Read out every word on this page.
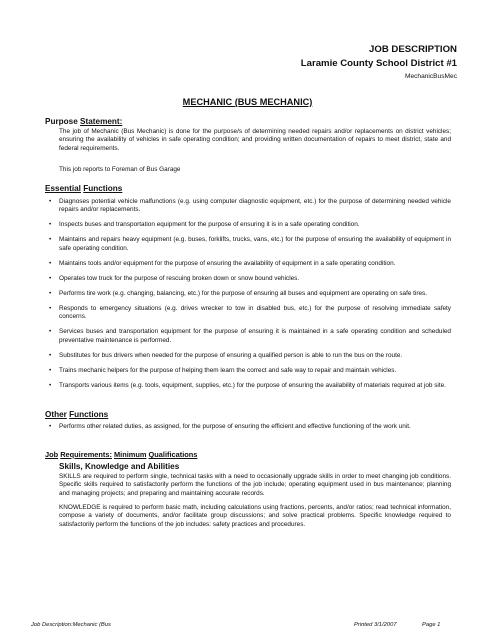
JOB DESCRIPTION
Laramie County School District #1
MechanicBusMec
MECHANIC (BUS MECHANIC)
Purpose Statement:
The job of Mechanic (Bus Mechanic) is done for the purpose/s of determining needed repairs and/or replacements on district vehicles; ensuring the availability of vehicles in safe operating condition; and providing written documentation of repairs to meet district, state and federal requirements.
This job reports to Foreman of Bus Garage
Essential Functions
• Diagnoses potential vehicle malfunctions (e.g. using computer diagnostic equipment, etc.) for the purpose of determining needed vehicle repairs and/or replacements.
• Inspects buses and transportation equipment for the purpose of ensuring it is in a safe operating condition.
• Maintains and repairs heavy equipment (e.g. buses, forklifts, trucks, vans, etc.) for the purpose of ensuring the availability of equipment in safe operating condition.
• Maintains tools and/or equipment for the purpose of ensuring the availability of equipment in a safe operating condition.
• Operates tow truck for the purpose of rescuing broken down or snow bound vehicles.
• Performs tire work (e.g. changing, balancing, etc.) for the purpose of ensuring all buses and equipment are operating on safe tires.
• Responds to emergency situations (e.g. drives wrecker to tow in disabled bus, etc.) for the purpose of resolving immediate safety concerns.
• Services buses and transportation equipment for the purpose of ensuring it is maintained in a safe operating condition and scheduled preventative maintenance is performed.
• Substitutes for bus drivers when needed for the purpose of ensuring a qualified person is able to run the bus on the route.
• Trains mechanic helpers for the purpose of helping them learn the correct and safe way to repair and maintain vehicles.
• Transports various items (e.g. tools, equipment, supplies, etc.) for the purpose of ensuring the availability of materials required at job site.
Other Functions
• Performs other related duties, as assigned, for the purpose of ensuring the efficient and effective functioning of the work unit.
Job Requirements: Minimum Qualifications
Skills, Knowledge and Abilities
SKILLS are required to perform single, technical tasks with a need to occasionally upgrade skills in order to meet changing job conditions. Specific skills required to satisfactorily perform the functions of the job include; operating equipment used in bus maintenance; planning and managing projects; and preparing and maintaining accurate records.
KNOWLEDGE is required to perform basic math, including calculations using fractions, percents, and/or ratios; read technical information, compose a variety of documents, and/or facilitate group discussions; and solve practical problems. Specific knowledge required to satisfactorily perform the functions of the job includes: safety practices and procedures.
Job Description:Mechanic (Bus	Printed 3/1/2007	Page 1
